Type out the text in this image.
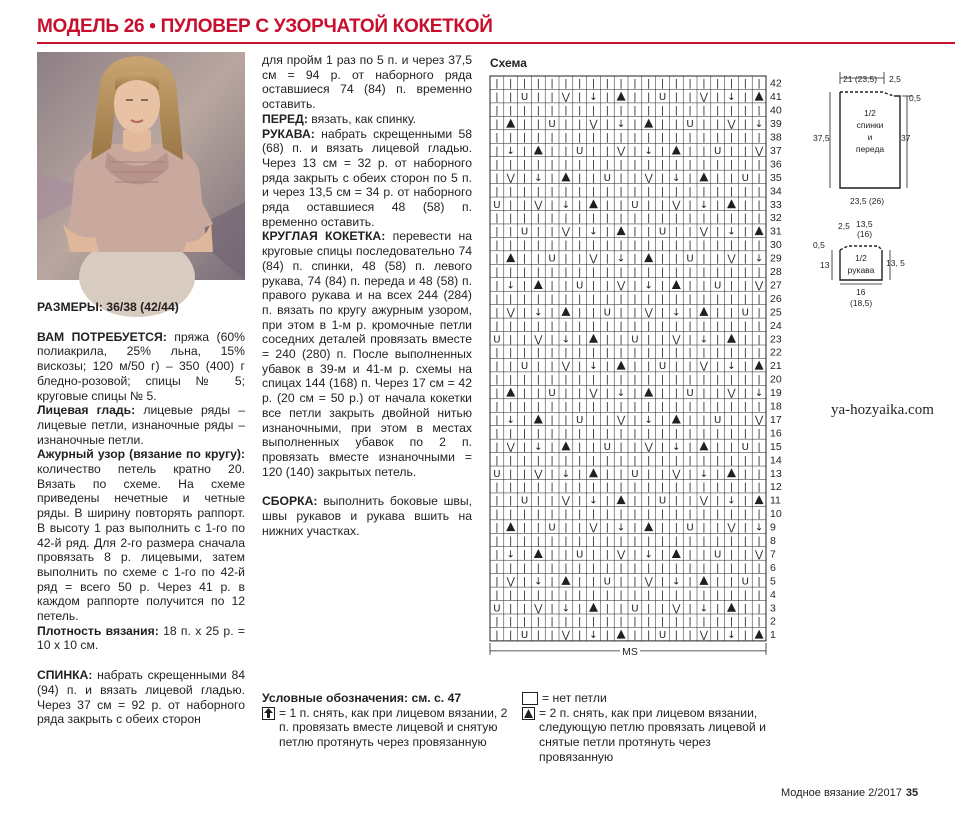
МОДЕЛЬ 26 • ПУЛОВЕР С УЗОРЧАТОЙ КОКЕТКОЙ

РАЗМЕРЫ: 36/38 (42/44)

ВАМ ПОТРЕБУЕТСЯ: пряжа (60% полиакрила, 25% льна, 15% вискозы; 120 м/50 г) – 350 (400) г бледно-розовой; спицы № 5; круговые спицы № 5.

Лицевая гладь: лицевые ряды – лицевые петли, изнаночные ряды – изнаночные петли.

Ажурный узор (вязание по кругу): количество петель кратно 20. Вязать по схеме. На схеме приведены нечетные и четные ряды. В ширину повторять раппорт. В высоту 1 раз выполнить с 1-го по 42-й ряд. Для 2-го размера сначала провязать 8 р. лицевыми, затем выполнить по схеме с 1-го по 42-й ряд = всего 50 р. Через 41 р. в каждом раппорте получится по 12 петель.

Плотность вязания: 18 п. х 25 р. = 10 х 10 см.

СПИНКА: набрать скрещенными 84 (94) п. и вязать лицевой гладью. Через 37 см = 92 р. от наборного ряда закрыть с обеих сторон

для пройм 1 раз по 5 п. и через 37,5 см = 94 р. от наборного ряда оставшиеся 74 (84) п. временно оставить.

ПЕРЕД: вязать, как спинку.

РУКАВА: набрать скрещенными 58 (68) п. и вязать лицевой гладью. Через 13 см = 32 р. от наборного ряда закрыть с обеих сторон по 5 п. и через 13,5 см = 34 р. от наборного ряда оставшиеся 48 (58) п. временно оставить.

КРУГЛАЯ КОКЕТКА: перевести на круговые спицы последовательно 74 (84) п. спинки, 48 (58) п. левого рукава, 74 (84) п. переда и 48 (58) п. правого рукава и на всех 244 (284) п. вязать по кругу ажурным узором, при этом в 1-м р. кромочные петли соседних деталей провязать вместе = 240 (280) п. После выполненных убавок в 39-м и 41-м р. схемы на спицах 144 (168) п. Через 17 см = 42 р. (20 см = 50 р.) от начала кокетки все петли закрыть двойной нитью изнаночными, при этом в местах выполненных убавок по 2 п. провязать вместе изнаночными = 120 (140) закрытых петель.

СБОРКА: выполнить боковые швы, швы рукавов и рукава вшить на нижних участках.

Схема
| | | | | | | | | | | | | | | | | | | |
| | U | | ⋁ | ↓ | | | U | | ⋁ | ↓ |
| | | | | | | | | | | | | | | | | | | |
| | | U | | ⋁ | ↓ | | | U | | ⋁ | ↓
| | | | | | | | | | | | | | | | | | | |
| ↓ | | | U | | ⋁ | ↓ | | | U | | ⋁
| | | | | | | | | | | | | | | | | | | |
| ⋁ | ↓ | | | U | | ⋁ | ↓ | | | U |
| | | | | | | | | | | | | | | | | | | |
U | | ⋁ | ↓ | | | U | | ⋁ | ↓ | | |
| | | | | | | | | | | | | | | | | | | |
| | U | | ⋁ | ↓ | | | U | | ⋁ | ↓ |
| | | | | | | | | | | | | | | | | | | |
| | | U | | ⋁ | ↓ | | | U | | ⋁ | ↓
| | | | | | | | | | | | | | | | | | | |
| ↓ | | | U | | ⋁ | ↓ | | | U | | ⋁
| | | | | | | | | | | | | | | | | | | |
| ⋁ | ↓ | | | U | | ⋁ | ↓ | | | U |
| | | | | | | | | | | | | | | | | | | |
U | | ⋁ | ↓ | | | U | | ⋁ | ↓ | | |
| | | | | | | | | | | | | | | | | | | |
| | U | | ⋁ | ↓ | | | U | | ⋁ | ↓ |
| | | | | | | | | | | | | | | | | | | |
| | | U | | ⋁ | ↓ | | | U | | ⋁ | ↓
| | | | | | | | | | | | | | | | | | | |
| ↓ | | | U | | ⋁ | ↓ | | | U | | ⋁
| | | | | | | | | | | | | | | | | | | |
| ⋁ | ↓ | | | U | | ⋁ | ↓ | | | U |
| | | | | | | | | | | | | | | | | | | |
U | | ⋁ | ↓ | | | U | | ⋁ | ↓ | | |
| | | | | | | | | | | | | | | | | | | |
| | U | | ⋁ | ↓ | | | U | | ⋁ | ↓ |
| | | | | | | | | | | | | | | | | | | |
| | | U | | ⋁ | ↓ | | | U | | ⋁ | ↓
| | | | | | | | | | | | | | | | | | | |
| ↓ | | | U | | ⋁ | ↓ | | | U | | ⋁
| | | | | | | | | | | | | | | | | | | |
| ⋁ | ↓ | | | U | | ⋁ | ↓ | | | U |
| | | | | | | | | | | | | | | | | | | |
U | | ⋁ | ↓ | | | U | | ⋁ | ↓ | | |
| | | | | | | | | | | | | | | | | | | |
| | U | | ⋁ | ↓ | | | U | | ⋁ | ↓ |
42
41
40
39
38
37
36
35
34
33
32
31
30
29
28
27
26
25
24
23
22
21
20
19
18
17
16
15
14
13
12
11
10
9
8
7
6
5
4
3
2
1
MS
Условные обозначения: см. с. 47
= 1 п. снять, как при лицевом вязании, 2 п. провязать вместе лицевой и снятую петлю протянуть через провязанную
= нет петли
= 2 п. снять, как при лицевом вязании, следующую петлю провязать лицевой и снятые петли протянуть через провязанную
21 (23,5) 2,5
0,5
37,5	37
1/2
спинки
и
переда
23,5 (26)
2,5 13,5
(16)
0,5
13	13, 5
1/2
рукава
16
(18,5)
ya-hozyaika.com
Модное вязание 2/2017 35
